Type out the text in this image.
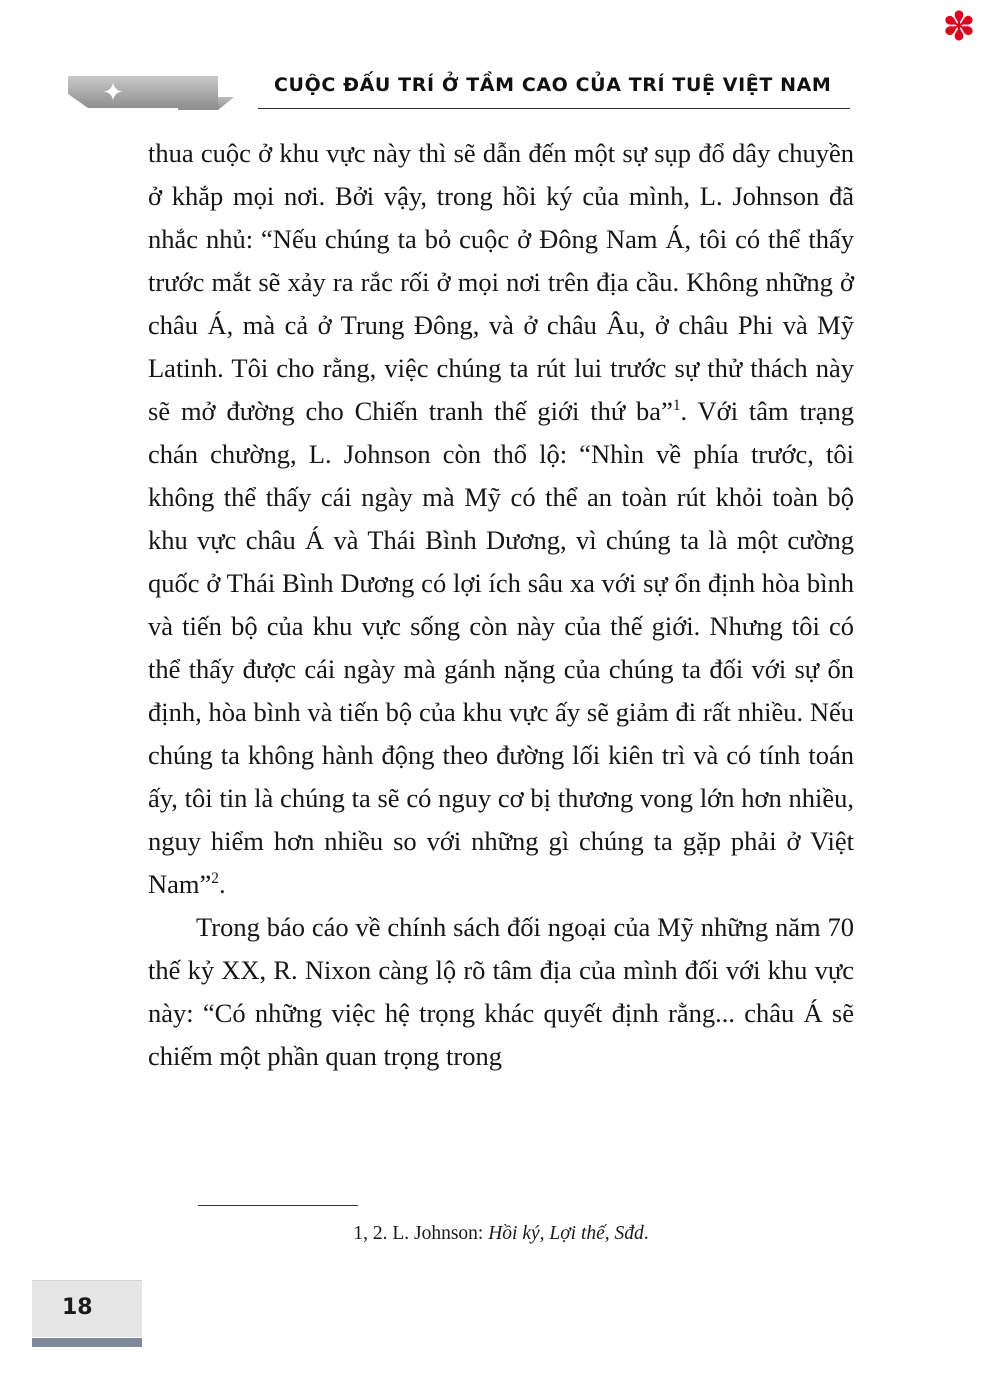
✽
✦	CUỘC ĐẤU TRÍ Ở TẦM CAO CỦA TRÍ TUỆ VIỆT NAM

thua cuộc ở khu vực này thì sẽ dẫn đến một sự sụp đổ dây chuyền ở khắp mọi nơi. Bởi vậy, trong hồi ký của mình, L. Johnson đã nhắc nhủ: “Nếu chúng ta bỏ cuộc ở Đông Nam Á, tôi có thể thấy trước mắt sẽ xảy ra rắc rối ở mọi nơi trên địa cầu. Không những ở châu Á, mà cả ở Trung Đông, và ở châu Âu, ở châu Phi và Mỹ Latinh. Tôi cho rằng, việc chúng ta rút lui trước sự thử thách này sẽ mở đường cho Chiến tranh thế giới thứ ba”$^1$. Với tâm trạng chán chường, L. Johnson còn thổ lộ: “Nhìn về phía trước, tôi không thể thấy cái ngày mà Mỹ có thể an toàn rút khỏi toàn bộ khu vực châu Á và Thái Bình Dương, vì chúng ta là một cường quốc ở Thái Bình Dương có lợi ích sâu xa với sự ổn định hòa bình và tiến bộ của khu vực sống còn này của thế giới. Nhưng tôi có thể thấy được cái ngày mà gánh nặng của chúng ta đối với sự ổn định, hòa bình và tiến bộ của khu vực ấy sẽ giảm đi rất nhiều. Nếu chúng ta không hành động theo đường lối kiên trì và có tính toán ấy, tôi tin là chúng ta sẽ có nguy cơ bị thương vong lớn hơn nhiều, nguy hiểm hơn nhiều so với những gì chúng ta gặp phải ở Việt Nam”$^2$.

Trong báo cáo về chính sách đối ngoại của Mỹ những năm 70 thế kỷ XX, R. Nixon càng lộ rõ tâm địa của mình đối với khu vực này: “Có những việc hệ trọng khác quyết định rằng... châu Á sẽ chiếm một phần quan trọng trong

1, 2. L. Johnson: Hồi ký, Lợi thế, Sđd.

18
